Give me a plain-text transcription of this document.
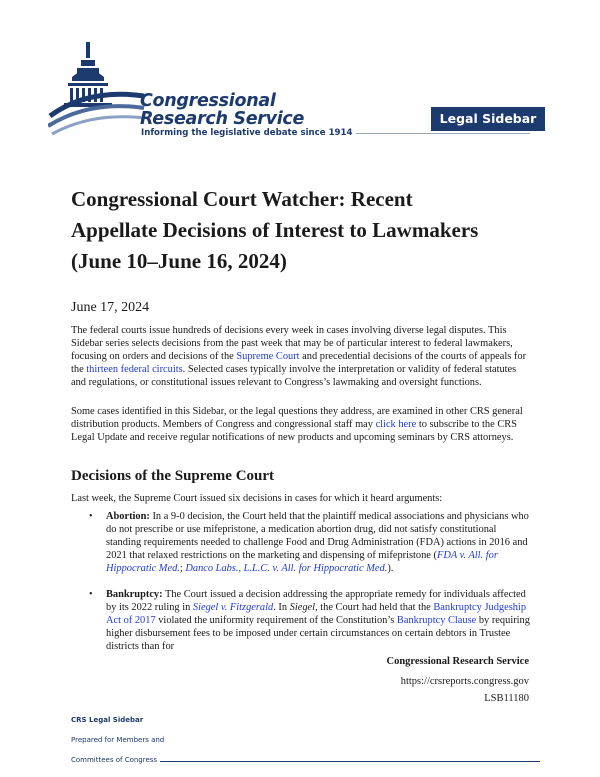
Congressional
Research Service
Informing the legislative debate since 1914
Legal Sidebar
Congressional Court Watcher: Recent
Appellate Decisions of Interest to Lawmakers
(June 10–June 16, 2024)
June 17, 2024
The federal courts issue hundreds of decisions every week in cases involving diverse legal disputes. This Sidebar series selects decisions from the past week that may be of particular interest to federal lawmakers, focusing on orders and decisions of the Supreme Court and precedential decisions of the courts of appeals for the thirteen federal circuits. Selected cases typically involve the interpretation or validity of federal statutes and regulations, or constitutional issues relevant to Congress’s lawmaking and oversight functions.
Some cases identified in this Sidebar, or the legal questions they address, are examined in other CRS general distribution products. Members of Congress and congressional staff may click here to subscribe to the CRS Legal Update and receive regular notifications of new products and upcoming seminars by CRS attorneys.
Decisions of the Supreme Court
Last week, the Supreme Court issued six decisions in cases for which it heard arguments:
•	Abortion: In a 9-0 decision, the Court held that the plaintiff medical associations and physicians who do not prescribe or use mifepristone, a medication abortion drug, did not satisfy constitutional standing requirements needed to challenge Food and Drug Administration (FDA) actions in 2016 and 2021 that relaxed restrictions on the marketing and dispensing of mifepristone (FDA v. All. for Hippocratic Med.; Danco Labs., L.L.C. v. All. for Hippocratic Med.).
•	Bankruptcy: The Court issued a decision addressing the appropriate remedy for individuals affected by its 2022 ruling in Siegel v. Fitzgerald. In Siegel, the Court had held that the Bankruptcy Judgeship Act of 2017 violated the uniformity requirement of the Constitution’s Bankruptcy Clause by requiring higher disbursement fees to be imposed under certain circumstances on certain debtors in Trustee districts than for
Congressional Research Service
https://crsreports.congress.gov
LSB11180
CRS Legal Sidebar
Prepared for Members and
Committees of Congress
